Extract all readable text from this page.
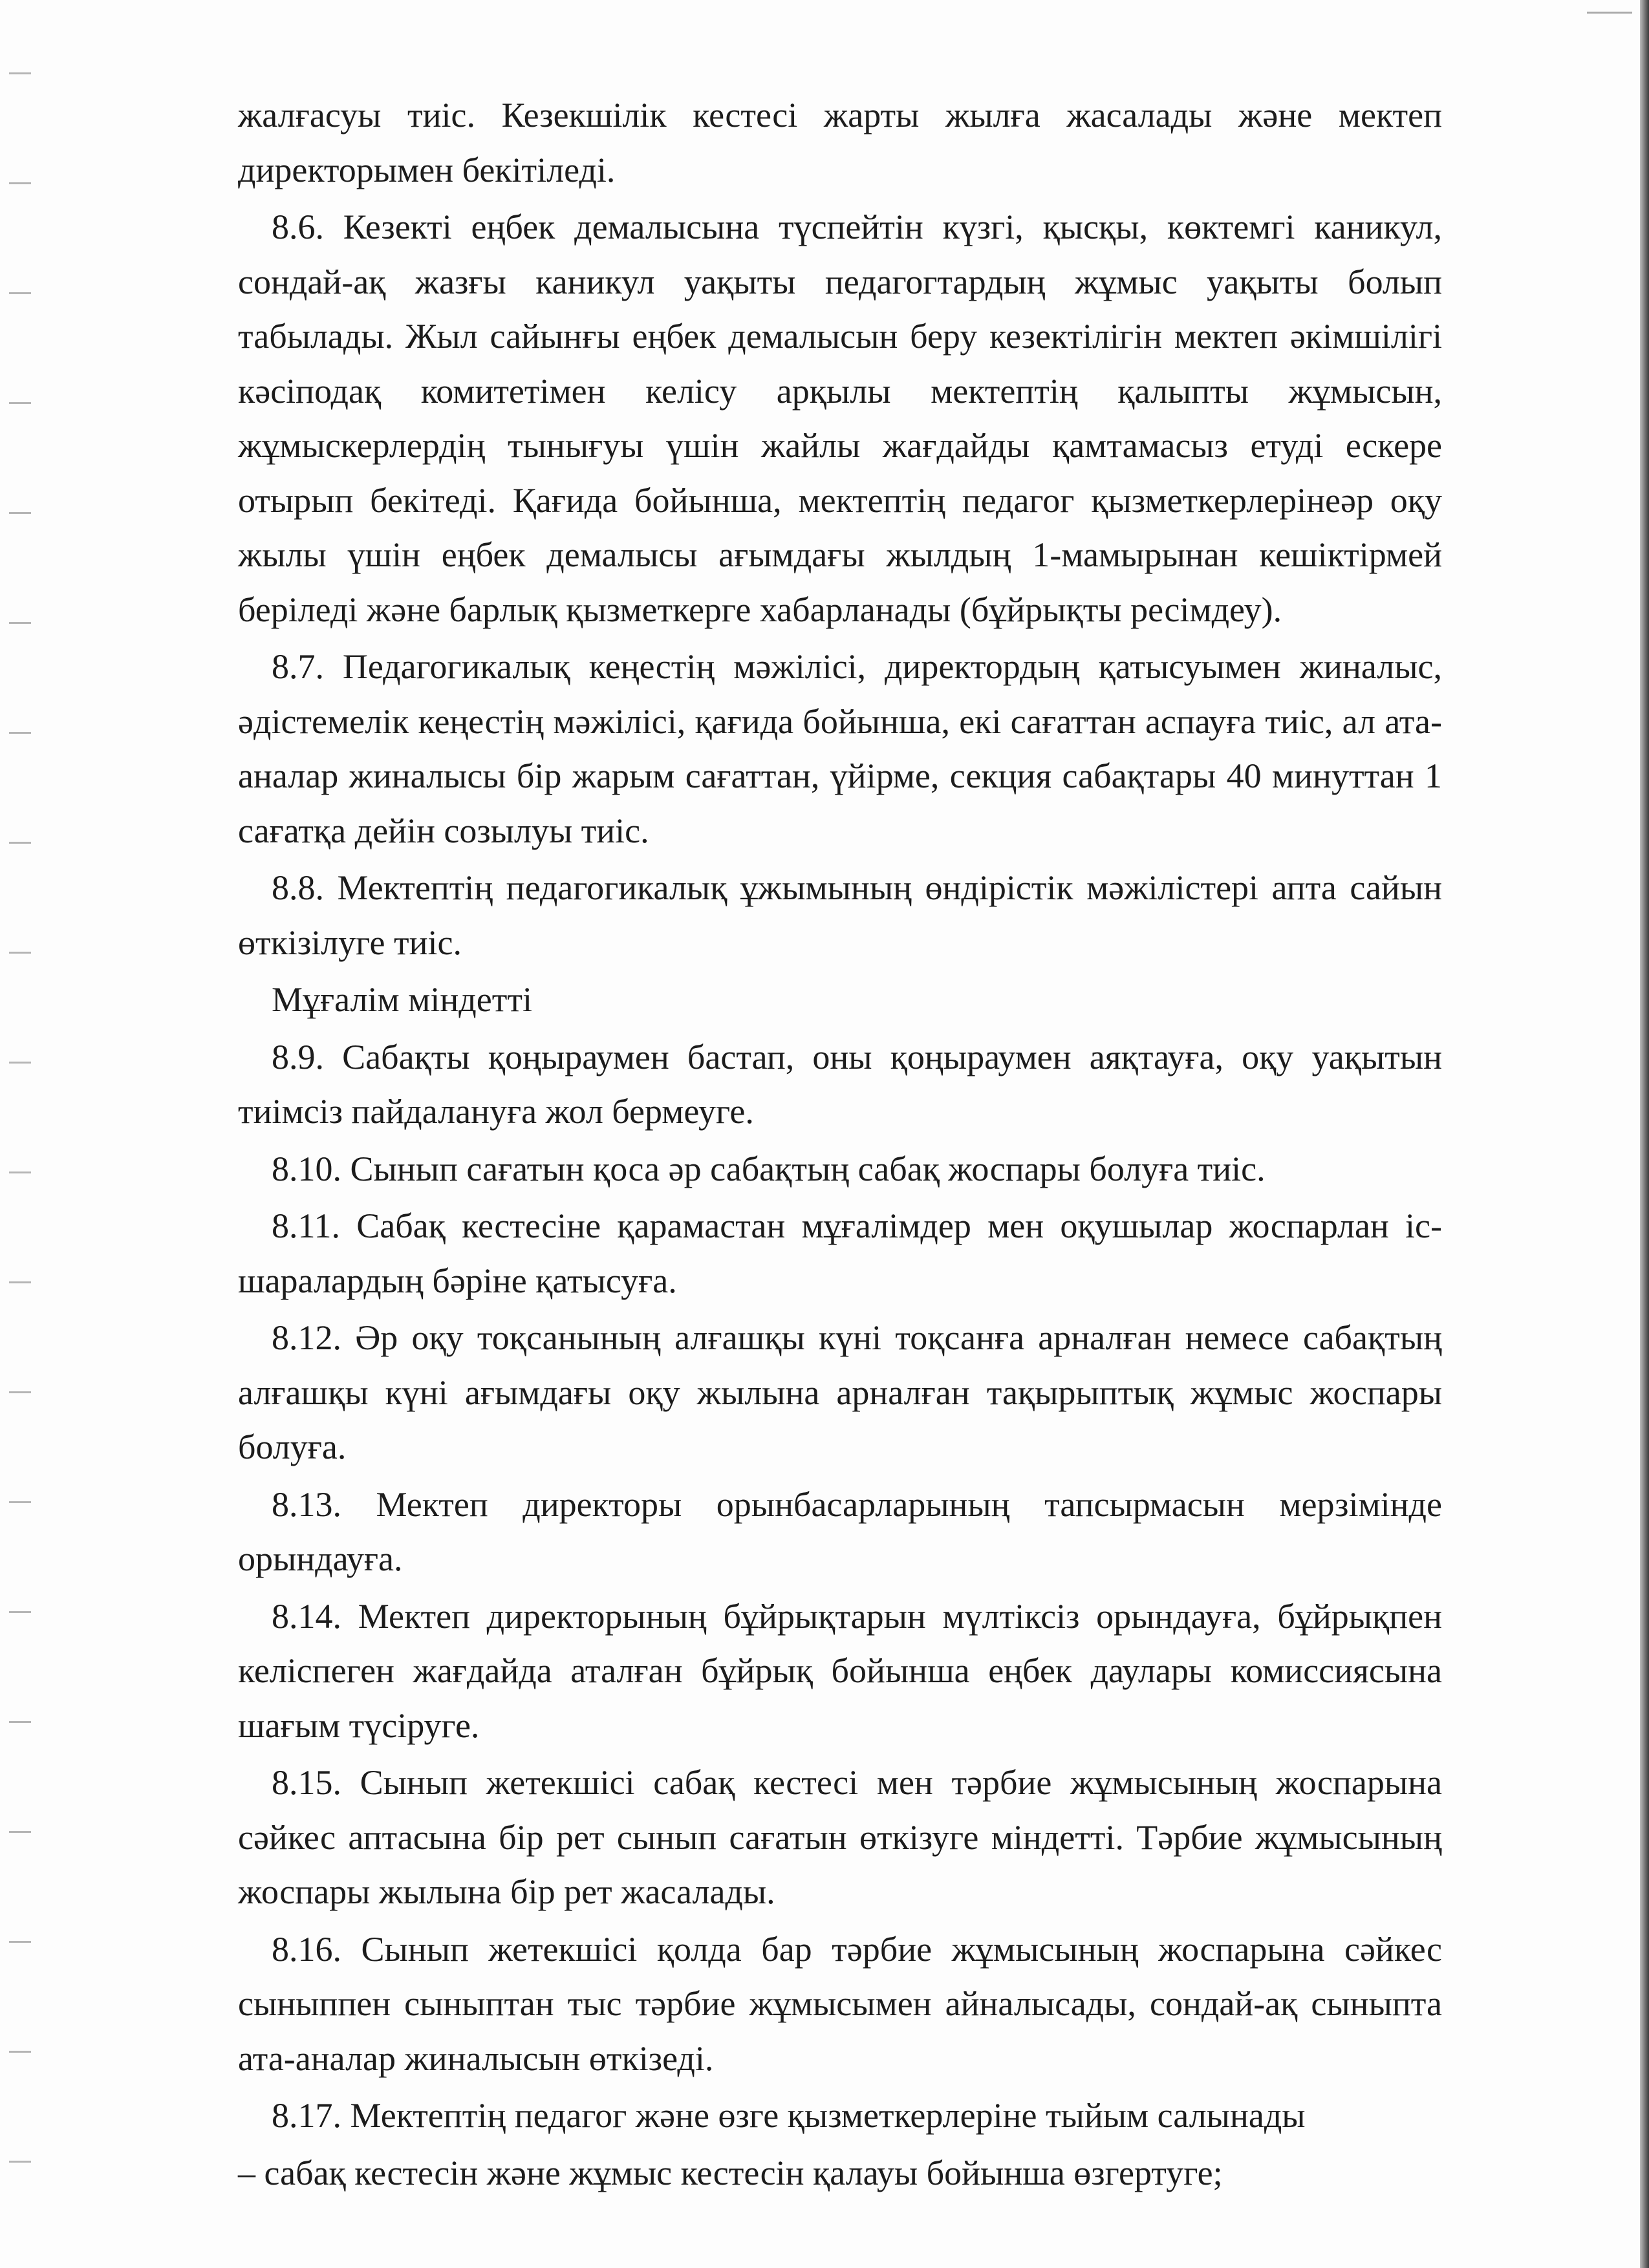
жалғасуы тиіс. Кезекшілік кестесі жарты жылға жасалады және мектеп директорымен бекітіледі.

8.6. Кезекті еңбек демалысына түспейтін күзгі, қысқы, көктемгі каникул, сондай-ақ жазғы каникул уақыты педагогтардың жұмыс уақыты болып табылады. Жыл сайынғы еңбек демалысын беру кезектілігін мектеп әкімшілігі кәсіподақ комитетімен келісу арқылы мектептің қалыпты жұмысын, жұмыскерлердің тынығуы үшін жайлы жағдайды қамтамасыз етуді ескере отырып бекітеді. Қағида бойынша, мектептің педагог қызметкерлерінеәр оқу жылы үшін еңбек демалысы ағымдағы жылдың 1-мамырынан кешіктірмей беріледі және барлық қызметкерге хабарланады (бұйрықты ресімдеу).

8.7. Педагогикалық кеңестің мәжілісі, директордың қатысуымен жиналыс, әдістемелік кеңестің мәжілісі, қағида бойынша, екі сағаттан аспауға тиіс, ал ата-аналар жиналысы бір жарым сағаттан, үйірме, секция сабақтары 40 минуттан 1 сағатқа дейін созылуы тиіс.

8.8. Мектептің педагогикалық ұжымының өндірістік мәжілістері апта сайын өткізілуге тиіс.

Мұғалім міндетті

8.9. Сабақты қоңыраумен бастап, оны қоңыраумен аяқтауға, оқу уақытын тиімсіз пайдалануға жол бермеуге.

8.10. Сынып сағатын қоса әр сабақтың сабақ жоспары болуға тиіс.

8.11. Сабақ кестесіне қарамастан мұғалімдер мен оқушылар жоспарлан іс-шаралардың бәріне қатысуға.

8.12. Әр оқу тоқсанының алғашқы күні тоқсанға арналған немесе сабақтың алғашқы күні ағымдағы оқу жылына арналған тақырыптық жұмыс жоспары болуға.

8.13. Мектеп директоры орынбасарларының тапсырмасын мерзімінде орындауға.

8.14. Мектеп директорының бұйрықтарын мүлтіксіз орындауға, бұйрықпен келіспеген жағдайда аталған бұйрық бойынша еңбек даулары комиссиясына шағым түсіруге.

8.15. Сынып жетекшісі сабақ кестесі мен тәрбие жұмысының жоспарына сәйкес аптасына бір рет сынып сағатын өткізуге міндетті. Тәрбие жұмысының жоспары жылына бір рет жасалады.

8.16. Сынып жетекшісі қолда бар тәрбие жұмысының жоспарына сәйкес сыныппен сыныптан тыс тәрбие жұмысымен айналысады, сондай-ақ сыныпта ата-аналар жиналысын өткізеді.

8.17. Мектептің педагог және өзге қызметкерлеріне тыйым салынады

– сабақ кестесін және жұмыс кестесін қалауы бойынша өзгертуге;
